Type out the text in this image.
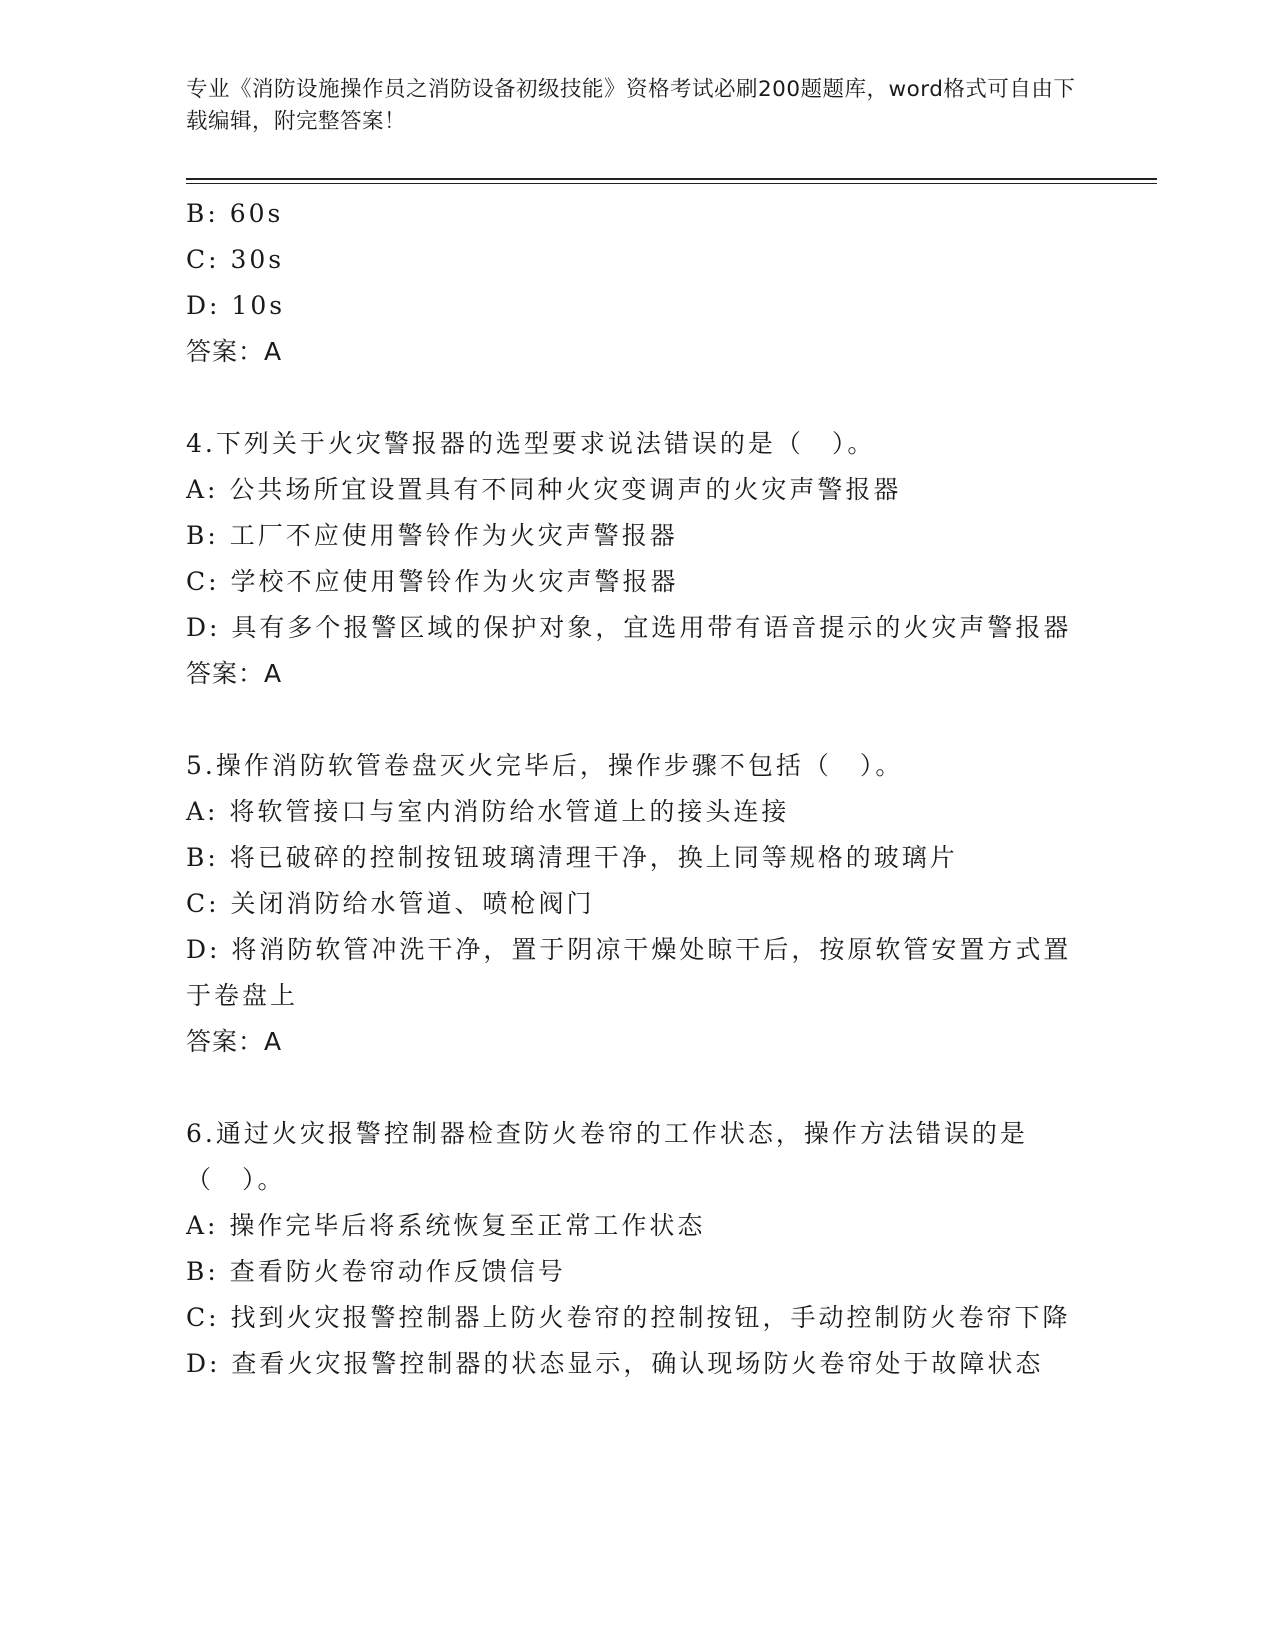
专业《消防设施操作员之消防设备初级技能》资格考试必刷200题题库，word格式可自由下载编辑，附完整答案！
B: 60s
C: 30s
D: 10s
答案：A
4.下列关于火灾警报器的选型要求说法错误的是（　）。
A: 公共场所宜设置具有不同种火灾变调声的火灾声警报器
B: 工厂不应使用警铃作为火灾声警报器
C: 学校不应使用警铃作为火灾声警报器
D: 具有多个报警区域的保护对象，宜选用带有语音提示的火灾声警报器
答案：A
5.操作消防软管卷盘灭火完毕后，操作步骤不包括（　）。
A: 将软管接口与室内消防给水管道上的接头连接
B: 将已破碎的控制按钮玻璃清理干净，换上同等规格的玻璃片
C: 关闭消防给水管道、喷枪阀门
D: 将消防软管冲洗干净，置于阴凉干燥处晾干后，按原软管安置方式置于卷盘上
答案：A
6.通过火灾报警控制器检查防火卷帘的工作状态，操作方法错误的是（　）。
A: 操作完毕后将系统恢复至正常工作状态
B: 查看防火卷帘动作反馈信号
C: 找到火灾报警控制器上防火卷帘的控制按钮，手动控制防火卷帘下降
D: 查看火灾报警控制器的状态显示，确认现场防火卷帘处于故障状态
